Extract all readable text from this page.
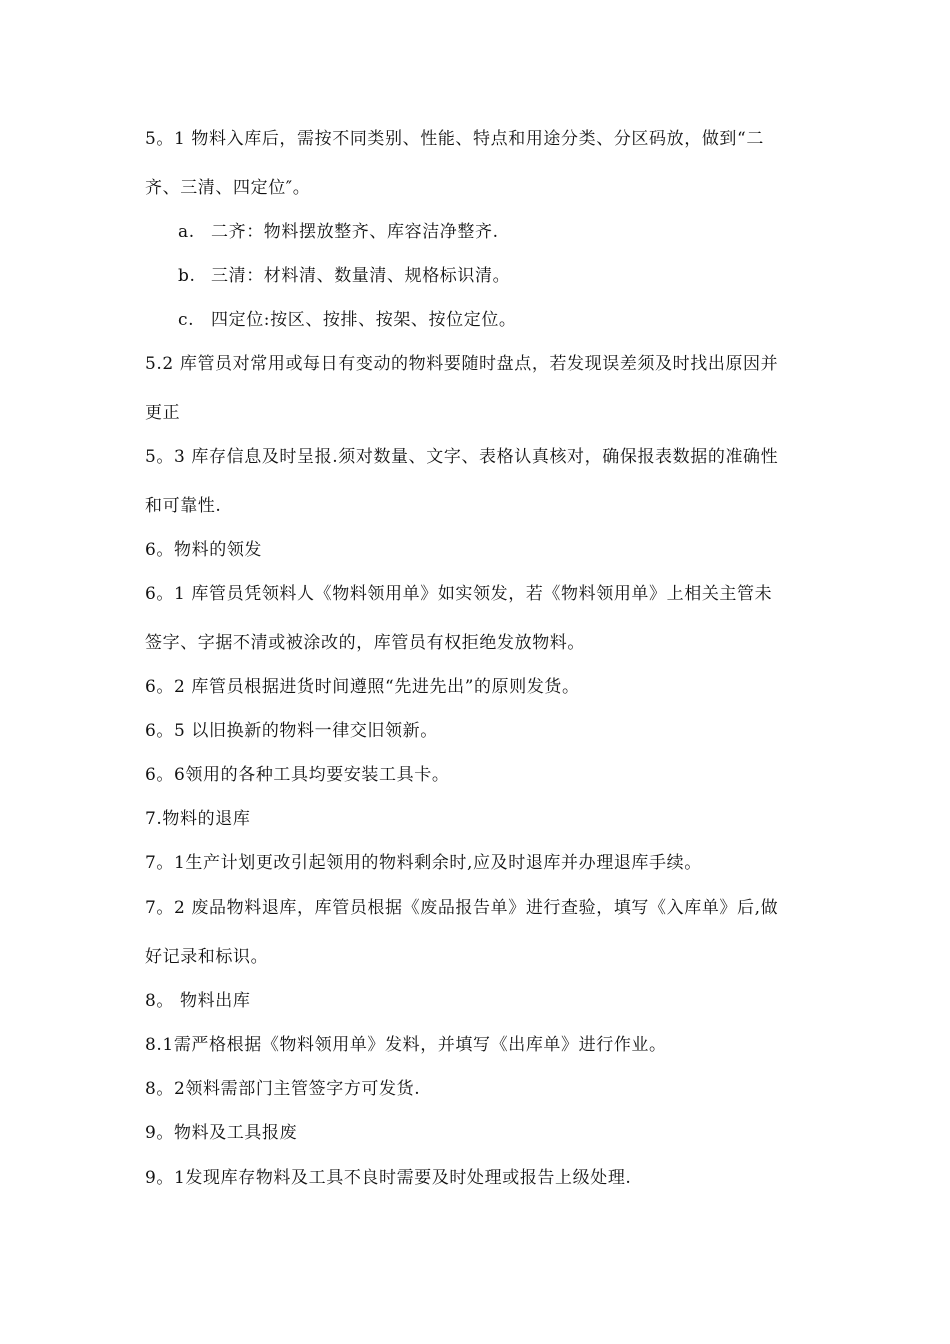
5。1 物料入库后，需按不同类别、性能、特点和用途分类、分区码放，做到“二
齐、三清、四定位″。
a. 二齐：物料摆放整齐、库容洁净整齐.
b. 三清：材料清、数量清、规格标识清。
c. 四定位:按区、按排、按架、按位定位。
5.2 库管员对常用或每日有变动的物料要随时盘点，若发现误差须及时找出原因并
更正
5。3 库存信息及时呈报.须对数量、文字、表格认真核对，确保报表数据的准确性
和可靠性.
6。物料的领发
6。1 库管员凭领料人《物料领用单》如实领发，若《物料领用单》上相关主管未
签字、字据不清或被涂改的，库管员有权拒绝发放物料。
6。2 库管员根据进货时间遵照“先进先出”的原则发货。
6。5 以旧换新的物料一律交旧领新。
6。6领用的各种工具均要安装工具卡。
7.物料的退库
7。1生产计划更改引起领用的物料剩余时,应及时退库并办理退库手续。
7。2 废品物料退库，库管员根据《废品报告单》进行查验，填写《入库单》后,做
好记录和标识。
8。 物料出库
8.1需严格根据《物料领用单》发料，并填写《出库单》进行作业。
8。2领料需部门主管签字方可发货.
9。物料及工具报废
9。1发现库存物料及工具不良时需要及时处理或报告上级处理.
